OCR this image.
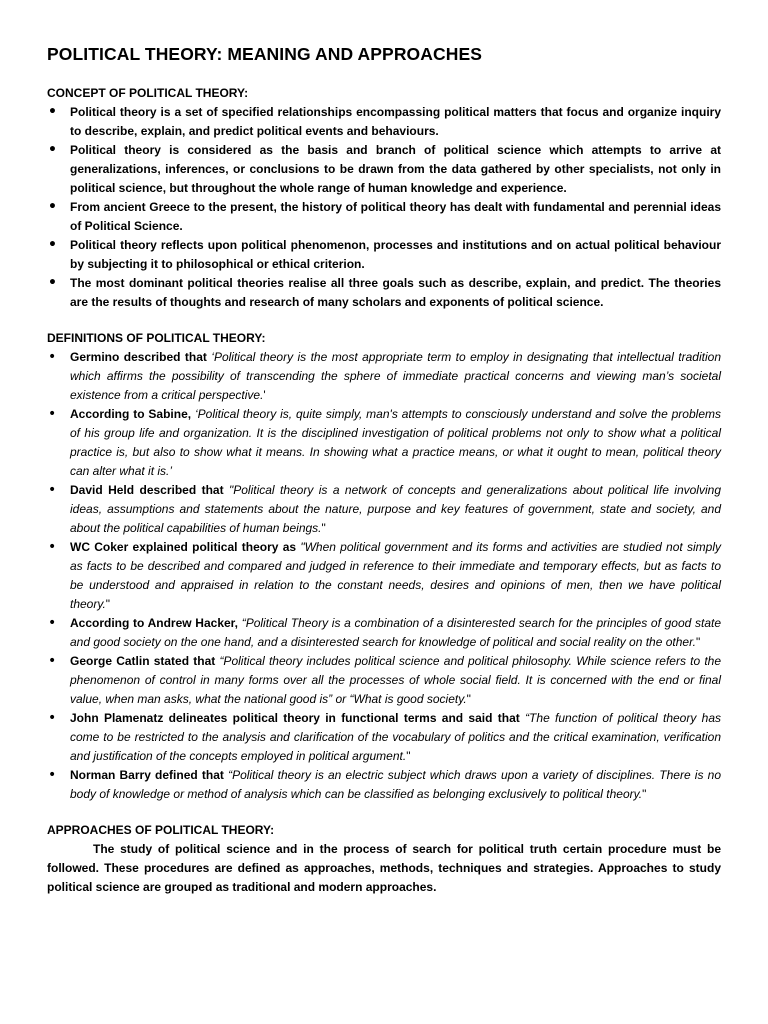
POLITICAL THEORY: MEANING AND APPROACHES
CONCEPT OF POLITICAL THEORY:
• Political theory is a set of specified relationships encompassing political matters that focus and organize inquiry to describe, explain, and predict political events and behaviours.
• Political theory is considered as the basis and branch of political science which attempts to arrive at generalizations, inferences, or conclusions to be drawn from the data gathered by other specialists, not only in political science, but throughout the whole range of human knowledge and experience.
• From ancient Greece to the present, the history of political theory has dealt with fundamental and perennial ideas of Political Science.
• Political theory reflects upon political phenomenon, processes and institutions and on actual political behaviour by subjecting it to philosophical or ethical criterion.
• The most dominant political theories realise all three goals such as describe, explain, and predict. The theories are the results of thoughts and research of many scholars and exponents of political science.
DEFINITIONS OF POLITICAL THEORY:
• Germino described that ‘Political theory is the most appropriate term to employ in designating that intellectual tradition which affirms the possibility of transcending the sphere of immediate practical concerns and viewing man’s societal existence from a critical perspective.'
• According to Sabine, ‘Political theory is, quite simply, man's attempts to consciously understand and solve the problems of his group life and organization. It is the disciplined investigation of political problems not only to show what a political practice is, but also to show what it means. In showing what a practice means, or what it ought to mean, political theory can alter what it is.’
• David Held described that "Political theory is a network of concepts and generalizations about political life involving ideas, assumptions and statements about the nature, purpose and key features of government, state and society, and about the political capabilities of human beings."
• WC Coker explained political theory as "When political government and its forms and activities are studied not simply as facts to be described and compared and judged in reference to their immediate and temporary effects, but as facts to be understood and appraised in relation to the constant needs, desires and opinions of men, then we have political theory."
• According to Andrew Hacker, “Political Theory is a combination of a disinterested search for the principles of good state and good society on the one hand, and a disinterested search for knowledge of political and social reality on the other."
• George Catlin stated that “Political theory includes political science and political philosophy. While science refers to the phenomenon of control in many forms over all the processes of whole social field. It is concerned with the end or final value, when man asks, what the national good is” or “What is good society."
• John Plamenatz delineates political theory in functional terms and said that “The function of political theory has come to be restricted to the analysis and clarification of the vocabulary of politics and the critical examination, verification and justification of the concepts employed in political argument."
• Norman Barry defined that “Political theory is an electric subject which draws upon a variety of disciplines. There is no body of knowledge or method of analysis which can be classified as belonging exclusively to political theory."
APPROACHES OF POLITICAL THEORY:

The study of political science and in the process of search for political truth certain procedure must be followed. These procedures are defined as approaches, methods, techniques and strategies. Approaches to study political science are grouped as traditional and modern approaches.
